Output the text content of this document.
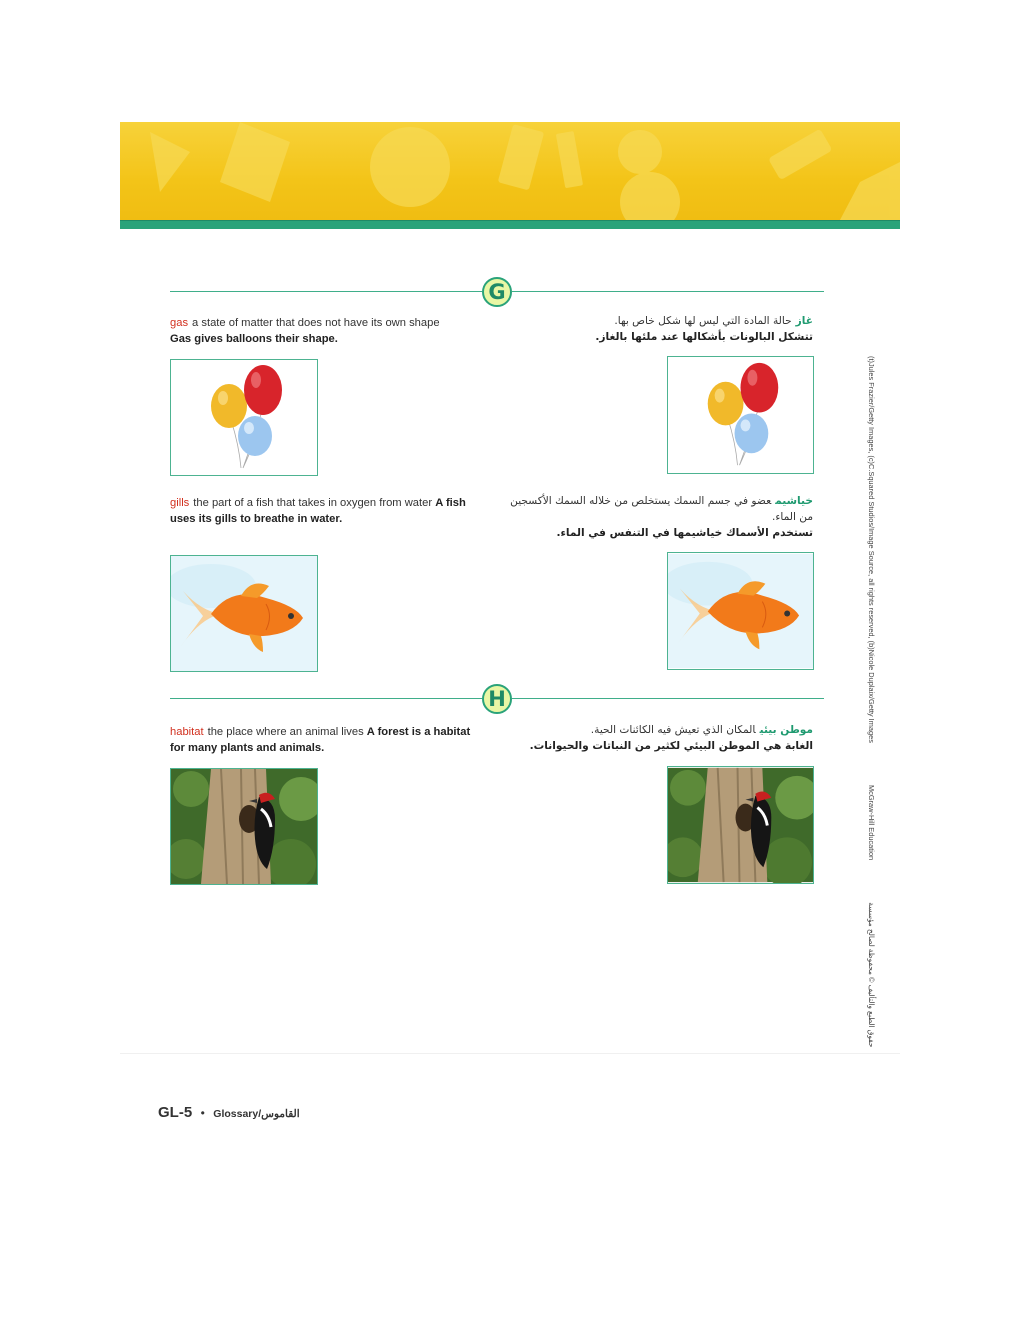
G
gas a state of matter that does not have its own shape
Gas gives balloons their shape.
غازحالة المادة التي ليس لها شكل خاص بها.
تتشكل البالونات بأشكالها عند ملئها بالغاز.
gills the part of a fish that takes in oxygen from water A fish uses its gills to breathe in water.
خياشيمعضو في جسم السمك يستخلص من خلاله السمك الأكسجين من الماء.
تستخدم الأسماك خياشيمها في التنفس في الماء.
H
habitat the place where an animal lives A forest is a habitat for many plants and animals.
موطن بيئيالمكان الذي تعيش فيه الكائنات الحية.
الغابة هي الموطن البيئي لكثير من النباتات والحيوانات.
GL-5 • Glossary/القاموس
(t)Jules Frazier/Getty Images, (c)C.Squared Studios/Image Source, all rights reserved, (b)Nicole Duplaix/Getty Images McGraw-Hill Education حقوق الطبع والتأليف © محفوظة لصالح مؤسسة
